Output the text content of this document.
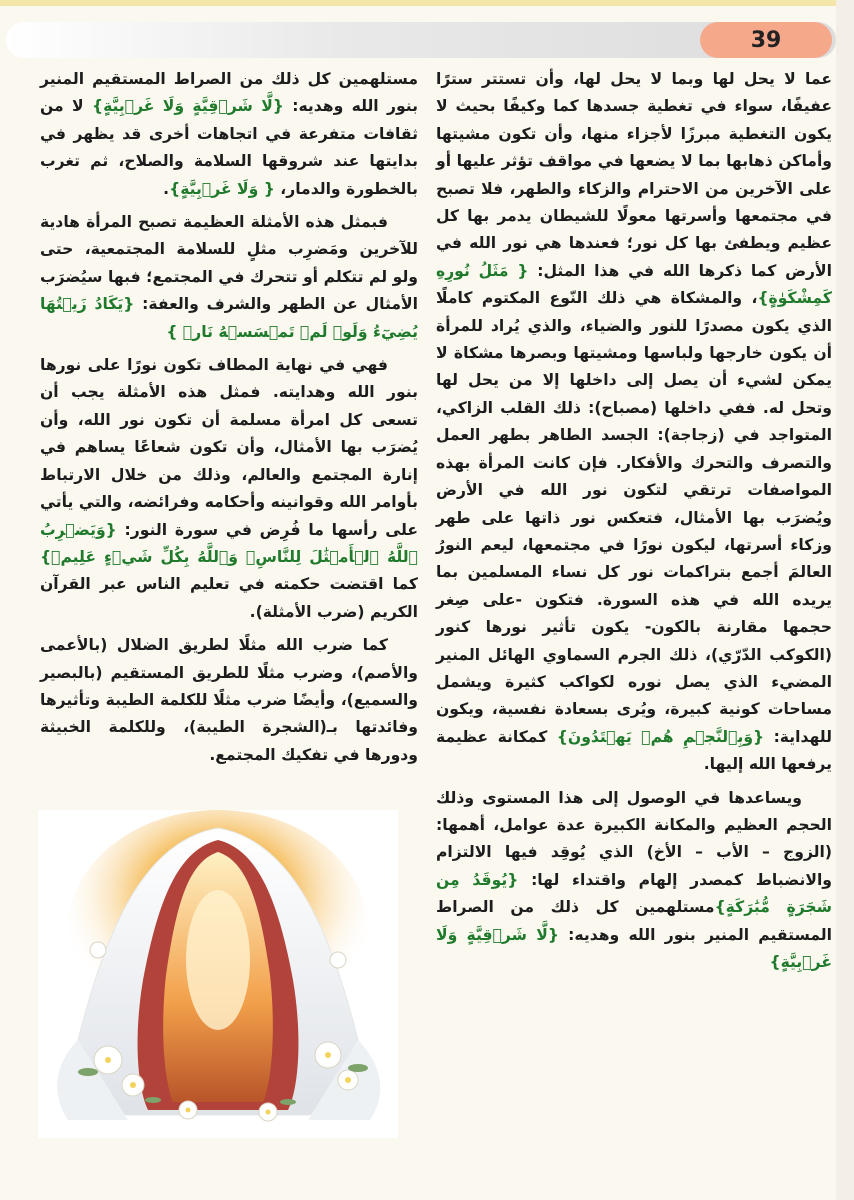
39

عما لا يحل لها وبما لا يحل لها، وأن تستتر سترًا عفيفًا، سواء في تغطية جسدها كما وكيفًا بحيث لا يكون التغطية مبرزًا لأجزاء منها، وأن تكون مشيتها وأماكن ذهابها بما لا يضعها في مواقف تؤثر عليها أو على الآخرين من الاحترام والزكاء والطهر، فلا تصبح في مجتمعها وأسرتها معولًا للشيطان يدمر بها كل عظيم ويطفئ بها كل نور؛ فعندها هي نور الله في الأرض كما ذكرها الله في هذا المثل: { مَثَلُ نُورِهِ كَمِشْكَوٰةٍ}، والمشكاة هي ذلك النّوع المكتوم كاملًا الذي يكون مصدرًا للنور والضياء، والذي يُراد للمرأة أن يكون خارجها ولباسها ومشيتها وبصرها مشكاة لا يمكن لشيء أن يصل إلى داخلها إلا من يحل لها وتحل له. ففي داخلها (مصباح): ذلك القلب الزاكي، المتواجد في (زجاجة): الجسد الطاهر بطهر العمل والتصرف والتحرك والأفكار. فإن كانت المرأة بهذه المواصفات ترتقي لتكون نور الله في الأرض ويُضرَب بها الأمثال، فتعكس نور ذاتها على طهر وزكاء أسرتها، ليكون نورًا في مجتمعها، ليعم النورُ العالمَ أجمع بتراكمات نور كل نساء المسلمين بما يريده الله في هذه السورة. فتكون -على صِغر حجمها مقارنة بالكون- يكون تأثير نورها كنور (الكوكب الدّرّي)، ذلك الجرم السماوي الهائل المنير المضيء الذي يصل نوره لكواكب كثيرة ويشمل مساحات كونية كبيرة، ويُرى بسعادة نفسية، ويكون للهداية: {وَبِٱلنَّجۡمِ هُمۡ يَهۡتَدُونَ} كمكانة عظيمة يرفعها الله إليها.

ويساعدها في الوصول إلى هذا المستوى وذلك الحجم العظيم والمكانة الكبيرة عدة عوامل، أهمها: (الزوج – الأب – الأخ) الذي يُوقِد فيها الالتزام والانضباط كمصدر إلهام واقتداء لها: {يُوقَدُ مِن شَجَرَةٍ مُّبَٰرَكَةٍ}مستلهمين كل ذلك من الصراط المستقيم المنير بنور الله وهديه: {لَّا شَرۡقِيَّةٍ وَلَا غَرۡبِيَّةٍ}

مستلهمين كل ذلك من الصراط المستقيم المنير بنور الله وهديه: {لَّا شَرۡقِيَّةٍ وَلَا غَرۡبِيَّةٍ} لا من ثقافات متفرعة في اتجاهات أخرى قد يظهر في بدايتها عند شروقها السلامة والصلاح، ثم تغرب بالخطورة والدمار، { وَلَا غَرۡبِيَّةٍ}.

فبمثل هذه الأمثلة العظيمة تصبح المرأة هادية للآخرين ومَضرِب مثلٍ للسلامة المجتمعية، حتى ولو لم تتكلم أو تتحرك في المجتمع؛ فبها سيُضرَب الأمثال عن الطهر والشرف والعفة: {يَكَادُ زَيۡتُهَا يُضِيٓءُ وَلَوۡ لَمۡ تَمۡسَسۡهُ نَارٞ }

فهي في نهاية المطاف تكون نورًا على نورها بنور الله وهدايته. فمثل هذه الأمثلة يجب أن تسعى كل امرأة مسلمة أن تكون نور الله، وأن يُضرَب بها الأمثال، وأن تكون شعاعًا يساهم في إنارة المجتمع والعالم، وذلك من خلال الارتباط بأوامر الله وقوانينه وأحكامه وفرائضه، والتي يأتي على رأسها ما فُرِض في سورة النور: {وَيَضۡرِبُ ٱللَّهُ ٱلۡأَمۡثَٰلَ لِلنَّاسِۗ وَٱللَّهُ بِكُلِّ شَيۡءٍ عَلِيمٞ}كما اقتضت حكمته في تعليم الناس عبر القرآن الكريم (ضرب الأمثلة).

كما ضرب الله مثلًا لطريق الضلال (بالأعمى والأصم)، وضرب مثلًا للطريق المستقيم (بالبصير والسميع)، وأيضًا ضرب مثلًا للكلمة الطيبة وتأثيرها وفائدتها بـ(الشجرة الطيبة)، وللكلمة الخبيثة ودورها في تفكيك المجتمع.
